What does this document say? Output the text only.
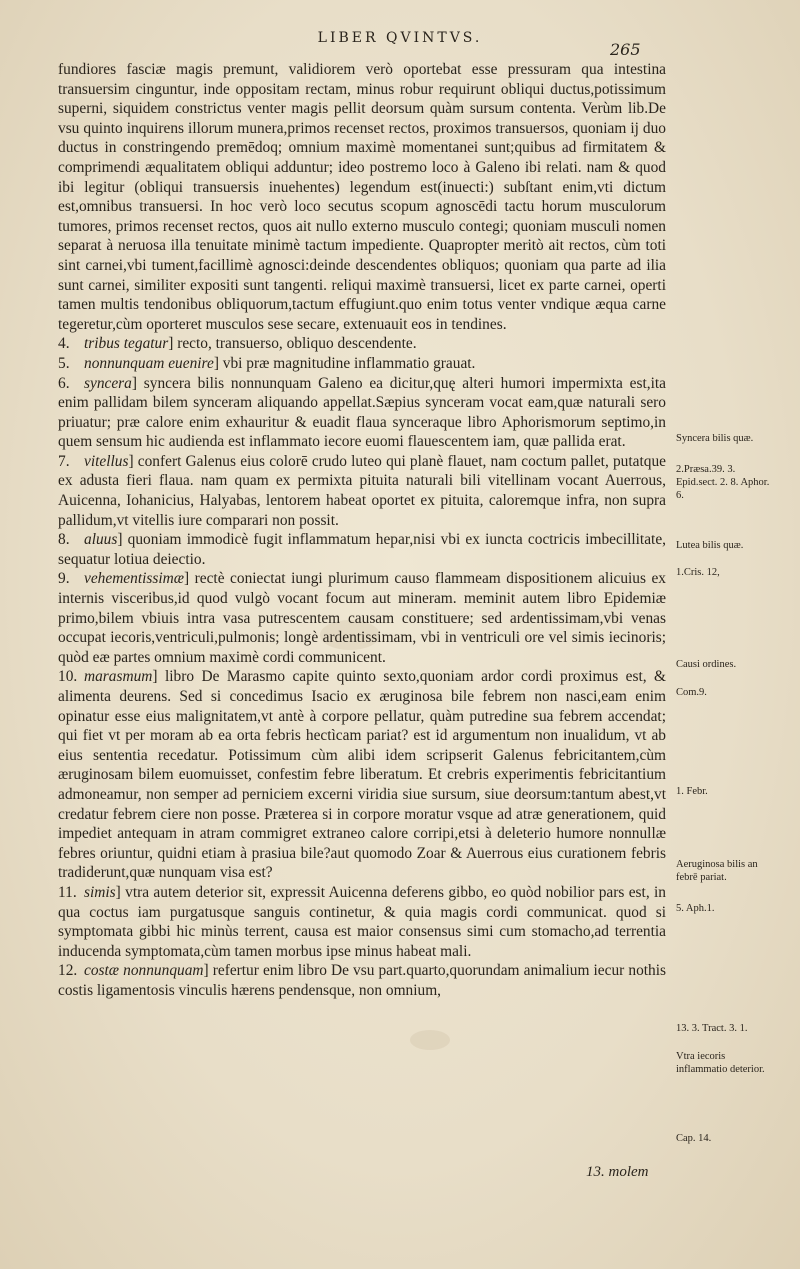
LIBER QVINTVS.
265

fundiores fasciæ magis premunt, validiorem verò oportebat esse pressuram qua intestina transuersim cinguntur, inde oppositam rectam, minus robur requirunt obliqui ductus,potissimum superni, siquidem constrictus venter magis pellit deorsum quàm sursum contenta. Verùm lib.De vsu quinto inquirens illorum munera,primos recenset rectos, proximos transuersos, quoniam ij duo ductus in constringendo premēdoq; omnium maximè momentanei sunt;quibus ad firmitatem & comprimendi æqualitatem obliqui adduntur; ideo postremo loco à Galeno ibi relati. nam & quod ibi legitur (obliqui transuersis inuehentes) legendum est(inuecti:) subſtant enim,vti dictum est,omnibus transuersi. In hoc verò loco secutus scopum agnoscēdi tactu horum musculorum tumores, primos recenset rectos, quos ait nullo externo musculo contegi; quoniam musculi nomen separat à neruosa illa tenuitate minimè tactum impediente. Quapropter meritò ait rectos, cùm toti sint carnei,vbi tument,facillimè agnosci:deinde descendentes obliquos; quoniam qua parte ad ilia sunt carnei, similiter expositi sunt tangenti. reliqui maximè transuersi, licet ex parte carnei, operti tamen multis tendonibus obliquorum,tactum effugiunt.quo enim totus venter vndique æqua carne tegeretur,cùm oporteret musculos sese secare, extenuauit eos in tendines.

4. tribus tegatur] recto, transuerso, obliquo descendente.

5. nonnunquam euenire] vbi præ magnitudine inflammatio grauat.

6. syncera] syncera bilis nonnunquam Galeno ea dicitur,quę alteri humori impermixta est,ita enim pallidam bilem synceram aliquando appellat.Sæpius synceram vocat eam,quæ naturali sero priuatur; præ calore enim exhauritur & euadit flaua synceraque libro Aphorismorum septimo,in quem sensum hic audienda est inflammato iecore euomi flauescentem iam, quæ pallida erat.

7. vitellus] confert Galenus eius colorē crudo luteo qui planè flauet, nam coctum pallet, putatque ex adusta fieri flaua. nam quam ex permixta pituita naturali bili vitellinam vocant Auerrous, Auicenna, Iohanicius, Halyabas, lentorem habeat oportet ex pituita, caloremque infra, non supra pallidum,vt vitellis iure comparari non possit.

8. aluus] quoniam immodicè fugit inflammatum hepar,nisi vbi ex iuncta coctricis imbecillitate, sequatur lotiua deiectio.

9. vehementissimæ] rectè coniectat iungi plurimum causo flammeam dispositionem alicuius ex internis visceribus,id quod vulgò vocant focum aut mineram. meminit autem libro Epidemiæ primo,bilem vbiuis intra vasa putrescentem causam constituere; sed ardentissimam,vbi venas occupat iecoris,ventriculi,pulmonis; longè ardentissimam, vbi in ventriculi ore vel simis iecinoris; quòd eæ partes omnium maximè cordi communicent.

10. marasmum] libro De Marasmo capite quinto sexto,quoniam ardor cordi proximus est, & alimenta deurens. Sed si concedimus Isacio ex æruginosa bile febrem non nasci,eam enim opinatur esse eius malignitatem,vt antè à corpore pellatur, quàm putredine sua febrem accendat; qui fiet vt per moram ab ea orta febris hectìcam pariat? est id argumentum non inualidum, vt ab eius sententia recedatur. Potissimum cùm alibi idem scripserit Galenus febricitantem,cùm æruginosam bilem euomuisset, confestim febre liberatum. Et crebris experimentis febricitantium admoneamur, non semper ad perniciem excerni viridia siue sursum, siue deorsum:tantum abest,vt credatur febrem ciere non posse. Præterea si in corpore moratur vsque ad atræ generationem, quid impediet antequam in atram commigret extraneo calore corripi,etsi à deleterio humore nonnullæ febres oriuntur, quidni etiam à prasiua bile?aut quomodo Zoar & Auerrous eius curationem febris tradiderunt,quæ nunquam visa est?

11. simis] vtra autem deterior sit, expressit Auicenna deferens gibbo, eo quòd nobilior pars est, in qua coctus iam purgatusque sanguis continetur, & quia magis cordi communicat. quod si symptomata gibbi hic minùs terrent, causa est maior consensus simi cum stomacho,ad terrentia inducenda symptomata,cùm tamen morbus ipse minus habeat mali.

12. costæ nonnunquam] refertur enim libro De vsu part.quarto,quorundam animalium iecur nothis costis ligamentosis vinculis hærens pendensque, non omnium,

Syncera bilis quæ.
2.Præsa.39. 3. Epid.sect. 2. 8. Aphor. 6.
Lutea bilis quæ.
1.Cris. 12,
Causi ordines.
Com.9.
1. Febr.
Aeruginosa bilis an febrē pariat.
5. Aph.1.
13. 3. Tract. 3. 1.
Vtra iecoris inflammatio deterior.
Cap. 14.
13. molem
